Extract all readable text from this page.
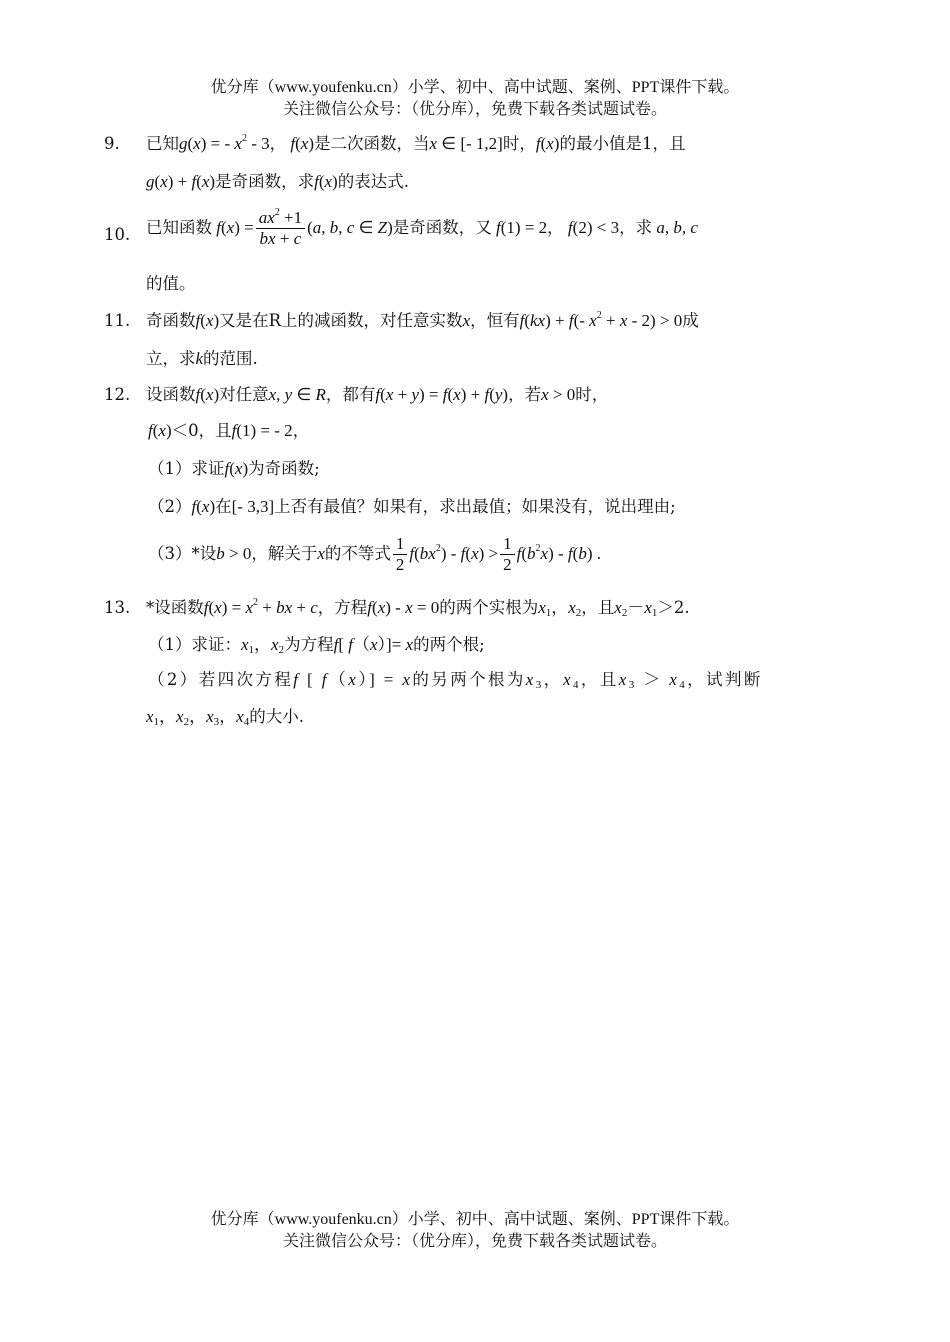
优分库（www.youfenku.cn）小学、初中、高中试题、案例、PPT课件下载。
关注微信公众号：（优分库），免费下载各类试题试卷。
9. 已知g(x) = - $x^2 - 3$， f(x)是二次函数，当x ∈ [- 1,2]时，f(x)的最小值是1，且
g(x) + f(x)是奇函数，求f(x)的表达式.
10. 已知函数 $f(x) = \frac{ax^2 +1}{bx + c} (a$, b, c ∈ Z)是奇函数，又 f(1) = 2， f(2) < 3，求 a, b, c
的值。
11. 奇函数f(x)又是在R上的减函数，对任意实数x，恒有f(kx) + f(- $x^2 + x - 2) > 0$成
立，求k的范围.
12. 设函数f(x)对任意x, y ∈ R，都有f(x + y) = f(x) + f(y)，若x > 0时，
f(x)＜0，且f(1) = - 2，
（1）求证f(x)为奇函数;
（2）f(x)在[- 3,3]上否有最值？如果有，求出最值；如果没有，说出理由;
（3）*设b > 0，解关于x的不等式 $\frac{1}{2} f(bx^2) - f(x) > \frac{1}{2} f(b^2x) - f(b)$ .
13. *设函数$f(x) = x^2$ + bx + c，方程f(x) - x = 0的两个实根为$x_1$，$x_2$，且$x_2-x_1>2$.
（1）求证：$x_1$，$x_2$为方程f[ f（x）]= x的两个根;
（2）若四次方程f [ f（x）] = x的另两个根为$x_3$，$x_4$，且$x_3 > x_4$，试判断
$x_1$，$x_2$，$x_3$，$x_4$的大小.
优分库（www.youfenku.cn）小学、初中、高中试题、案例、PPT课件下载。
关注微信公众号：（优分库），免费下载各类试题试卷。
